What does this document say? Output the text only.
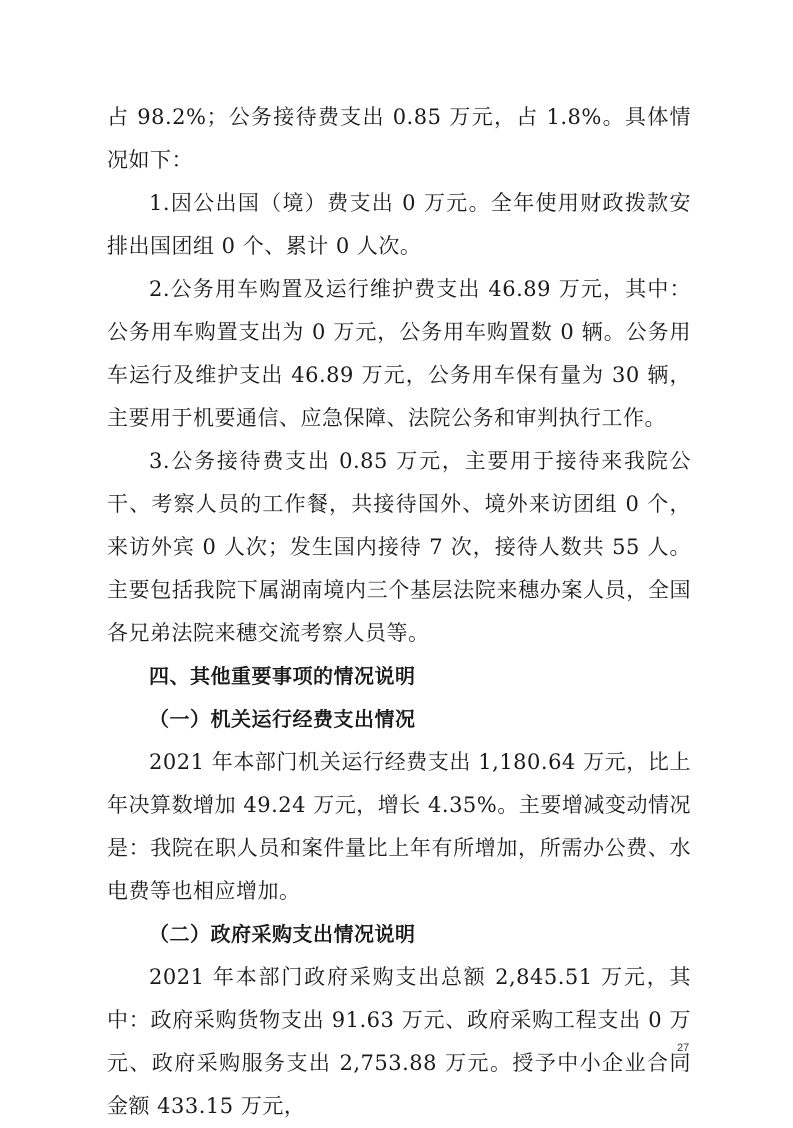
占 98.2%；公务接待费支出 0.85 万元，占 1.8%。具体情况如下：

1.因公出国（境）费支出 0 万元。全年使用财政拨款安排出国团组 0 个、累计 0 人次。

2.公务用车购置及运行维护费支出 46.89 万元，其中：公务用车购置支出为 0 万元，公务用车购置数 0 辆。公务用车运行及维护支出 46.89 万元，公务用车保有量为 30 辆，主要用于机要通信、应急保障、法院公务和审判执行工作。

3.公务接待费支出 0.85 万元，主要用于接待来我院公干、考察人员的工作餐，共接待国外、境外来访团组 0 个，来访外宾 0 人次；发生国内接待 7 次，接待人数共 55 人。主要包括我院下属湖南境内三个基层法院来穗办案人员，全国各兄弟法院来穗交流考察人员等。

四、其他重要事项的情况说明
（一）机关运行经费支出情况

2021 年本部门机关运行经费支出 1,180.64 万元，比上年决算数增加 49.24 万元，增长 4.35%。主要增减变动情况是：我院在职人员和案件量比上年有所增加，所需办公费、水电费等也相应增加。

（二）政府采购支出情况说明

2021 年本部门政府采购支出总额 2,845.51 万元，其中：政府采购货物支出 91.63 万元、政府采购工程支出 0 万元、政府采购服务支出 2,753.88 万元。授予中小企业合同金额 433.15 万元，

27
